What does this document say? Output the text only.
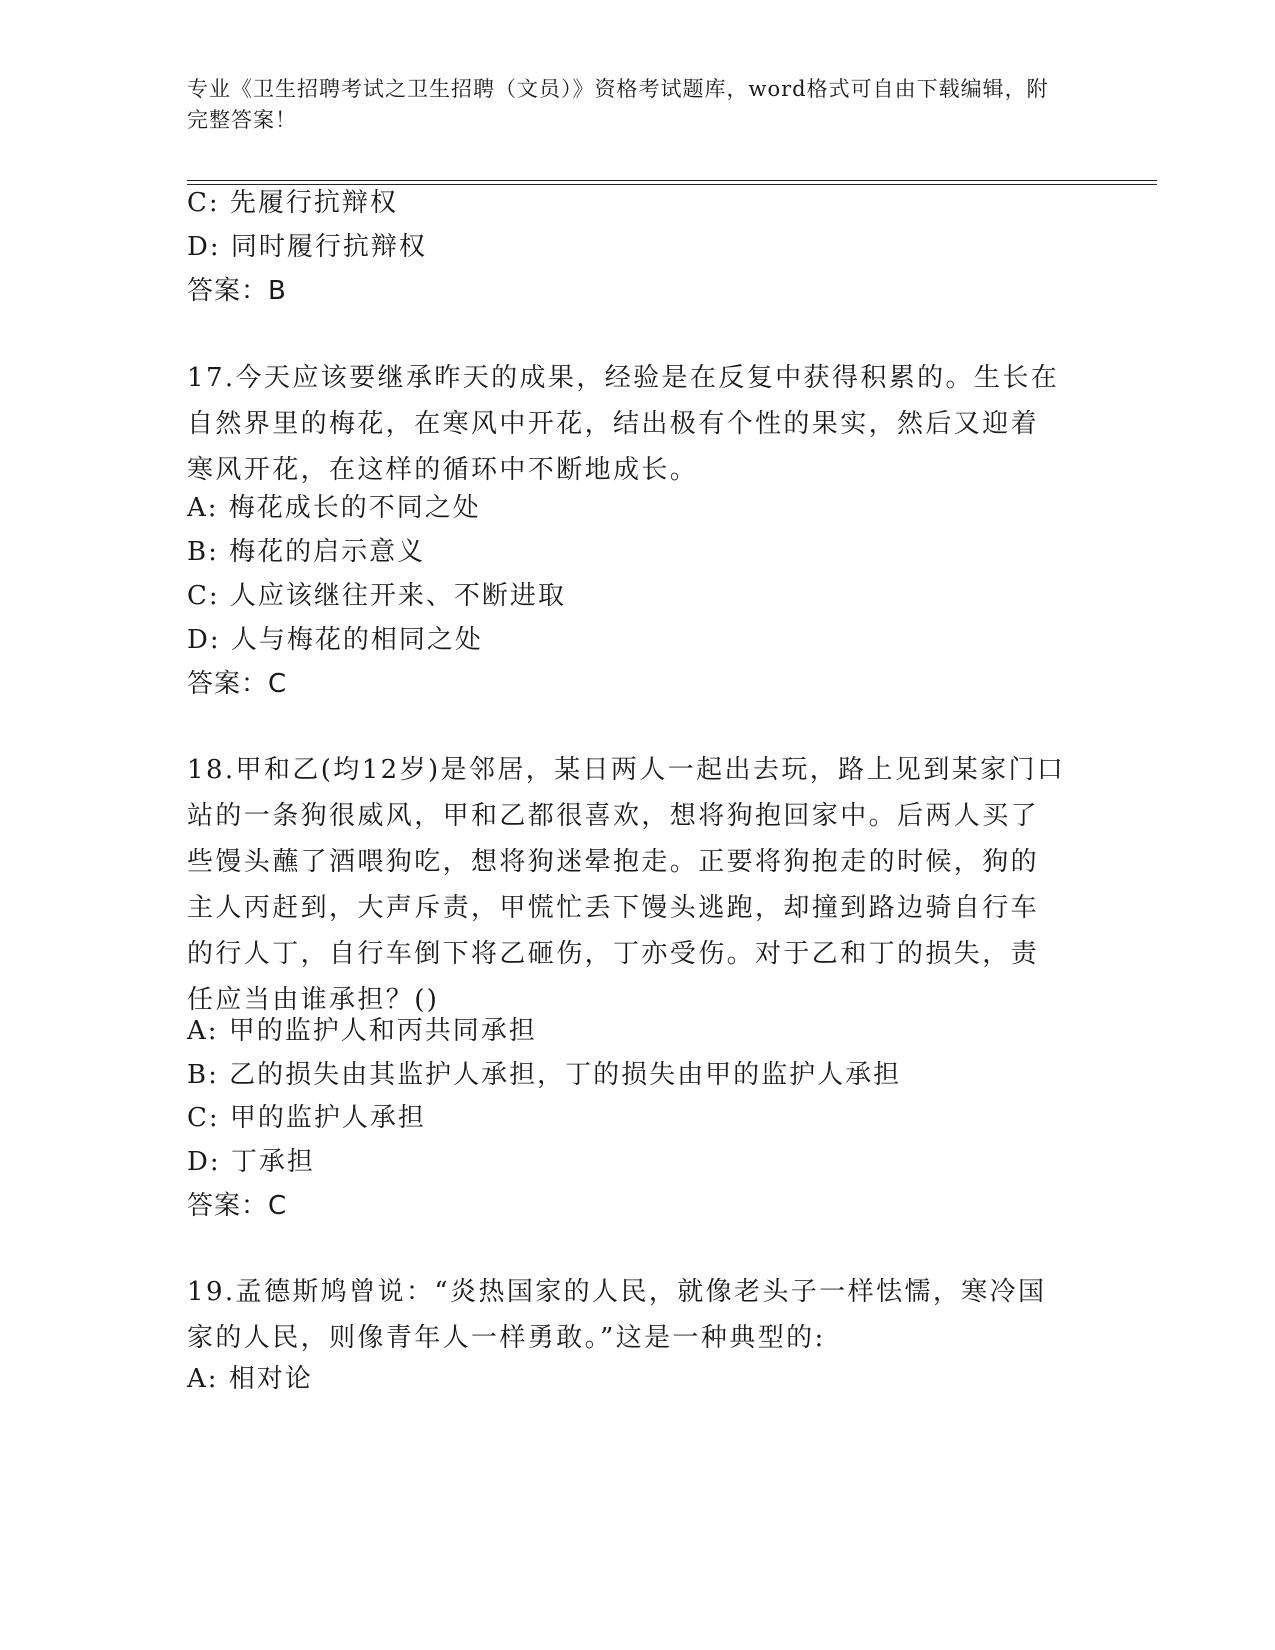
专业《卫生招聘考试之卫生招聘（文员）》资格考试题库，word格式可自由下载编辑，附完整答案！
C: 先履行抗辩权
D: 同时履行抗辩权
答案：B
17.今天应该要继承昨天的成果，经验是在反复中获得积累的。生长在自然界里的梅花，在寒风中开花，结出极有个性的果实，然后又迎着寒风开花，在这样的循环中不断地成长。
A: 梅花成长的不同之处
B: 梅花的启示意义
C: 人应该继往开来、不断进取
D: 人与梅花的相同之处
答案：C
18.甲和乙(均12岁)是邻居，某日两人一起出去玩，路上见到某家门口站的一条狗很威风，甲和乙都很喜欢，想将狗抱回家中。后两人买了些馒头蘸了酒喂狗吃，想将狗迷晕抱走。正要将狗抱走的时候，狗的主人丙赶到，大声斥责，甲慌忙丢下馒头逃跑，却撞到路边骑自行车的行人丁，自行车倒下将乙砸伤，丁亦受伤。对于乙和丁的损失，责任应当由谁承担？()
A: 甲的监护人和丙共同承担
B: 乙的损失由其监护人承担，丁的损失由甲的监护人承担
C: 甲的监护人承担
D: 丁承担
答案：C
19.孟德斯鸠曾说：“炎热国家的人民，就像老头子一样怯懦，寒冷国家的人民，则像青年人一样勇敢。”这是一种典型的:
A: 相对论
